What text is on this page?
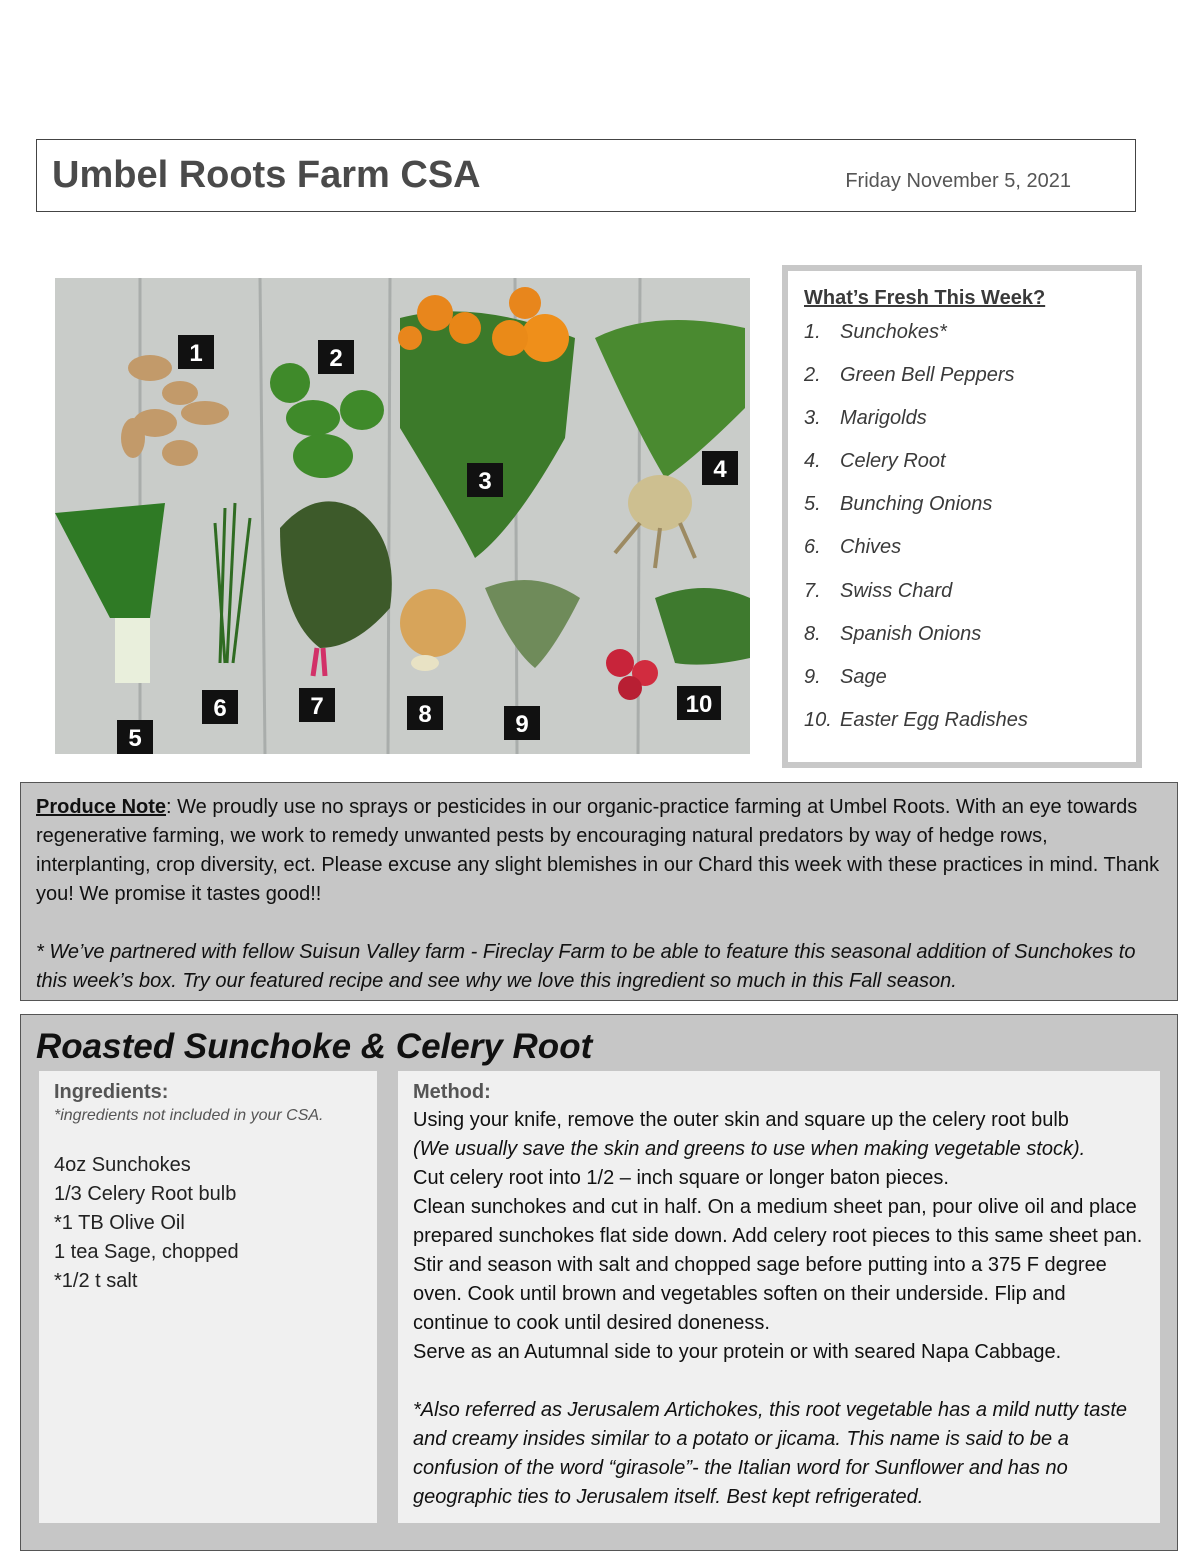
Umbel Roots Farm CSA	Friday November 5, 2021
1	2
3	4
5
6	7	8	9
10
What’s Fresh This Week?
1. Sunchokes*
2. Green Bell Peppers
3. Marigolds
4. Celery Root
5. Bunching Onions
6. Chives
7. Swiss Chard
8. Spanish Onions
9. Sage
10. Easter Egg Radishes

Produce Note: We proudly use no sprays or pesticides in our organic-practice farming at Umbel Roots. With an eye towards regenerative farming, we work to remedy unwanted pests by encouraging natural predators by way of hedge rows, interplanting, crop diversity, ect. Please excuse any slight blemishes in our Chard this week with these practices in mind. Thank you! We promise it tastes good!!

* We’ve partnered with fellow Suisun Valley farm - Fireclay Farm to be able to feature this seasonal addition of Sunchokes to this week’s box. Try our featured recipe and see why we love this ingredient so much in this Fall season.

Roasted Sunchoke & Celery Root
Ingredients:
*ingredients not included in your CSA.
4oz Sunchokes
1/3 Celery Root bulb
*1 TB Olive Oil
1 tea Sage, chopped
*1/2 t salt
Method:

Using your knife, remove the outer skin and square up the celery root bulb

(We usually save the skin and greens to use when making vegetable stock).

Cut celery root into 1/2 – inch square or longer baton pieces.

Clean sunchokes and cut in half. On a medium sheet pan, pour olive oil and place prepared sunchokes flat side down. Add celery root pieces to this same sheet pan. Stir and season with salt and chopped sage before putting into a 375 F degree oven. Cook until brown and vegetables soften on their underside. Flip and continue to cook until desired doneness.

Serve as an Autumnal side to your protein or with seared Napa Cabbage.

*Also referred as Jerusalem Artichokes, this root vegetable has a mild nutty taste and creamy insides similar to a potato or jicama. This name is said to be a confusion of the word “girasole”- the Italian word for Sunflower and has no geographic ties to Jerusalem itself. Best kept refrigerated.
